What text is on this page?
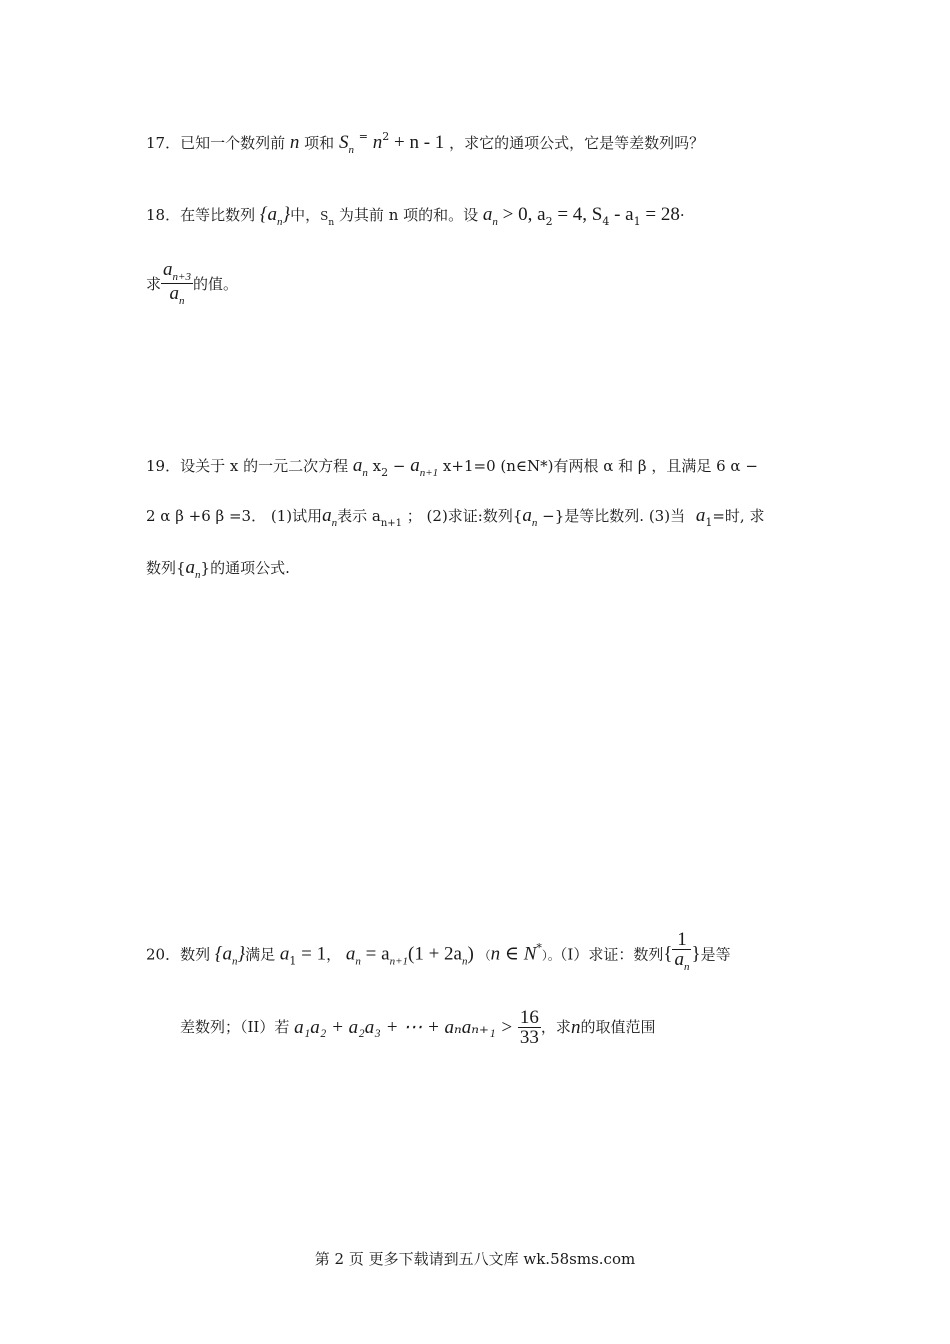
17．已知一个数列前 n 项和 $S_n$ = $n^2 + n - 1$ ，求它的通项公式，它是等差数列吗？
18．在等比数列 $\{a_n\}$中，$S_n$ 为其前 n 项的和。设 $a_n > 0$, $a_2 = 4$, $S_4 - a_1 = 28\cdot$
求 $\frac{a_{n+3}}{a_n}$ 的值。
19．设关于 x 的一元二次方程 $a_n$ $x_2 - a_{n+1}$ x+1=0 (n∈N*)有两根 α 和 β ，且满足 6 α −
2 α β +6 β =3． (1)试用$a_n$表示 $a_{n+1}$ ； (2)求证:数列{$a_n$ −}是等比数列. (3)当 $a_1=$时, 求
数列$\{a_n\}$的通项公式.
20．数列 $\{a_n\}$满足 $a_1 = 1$， $a_n = a_{n+1}(1 + 2a_n)$ （n ∈ N*）。（I）求证：数列{ $\frac{1}{a_n}$ }是等
差数列；（II）若 a₁a₂ + a₂a₃ + ⋯ + $a_na_{n+1} > \frac{16}{33}$ ，求n的取值范围
第 2 页 更多下载请到五八文库 wk.58sms.com
